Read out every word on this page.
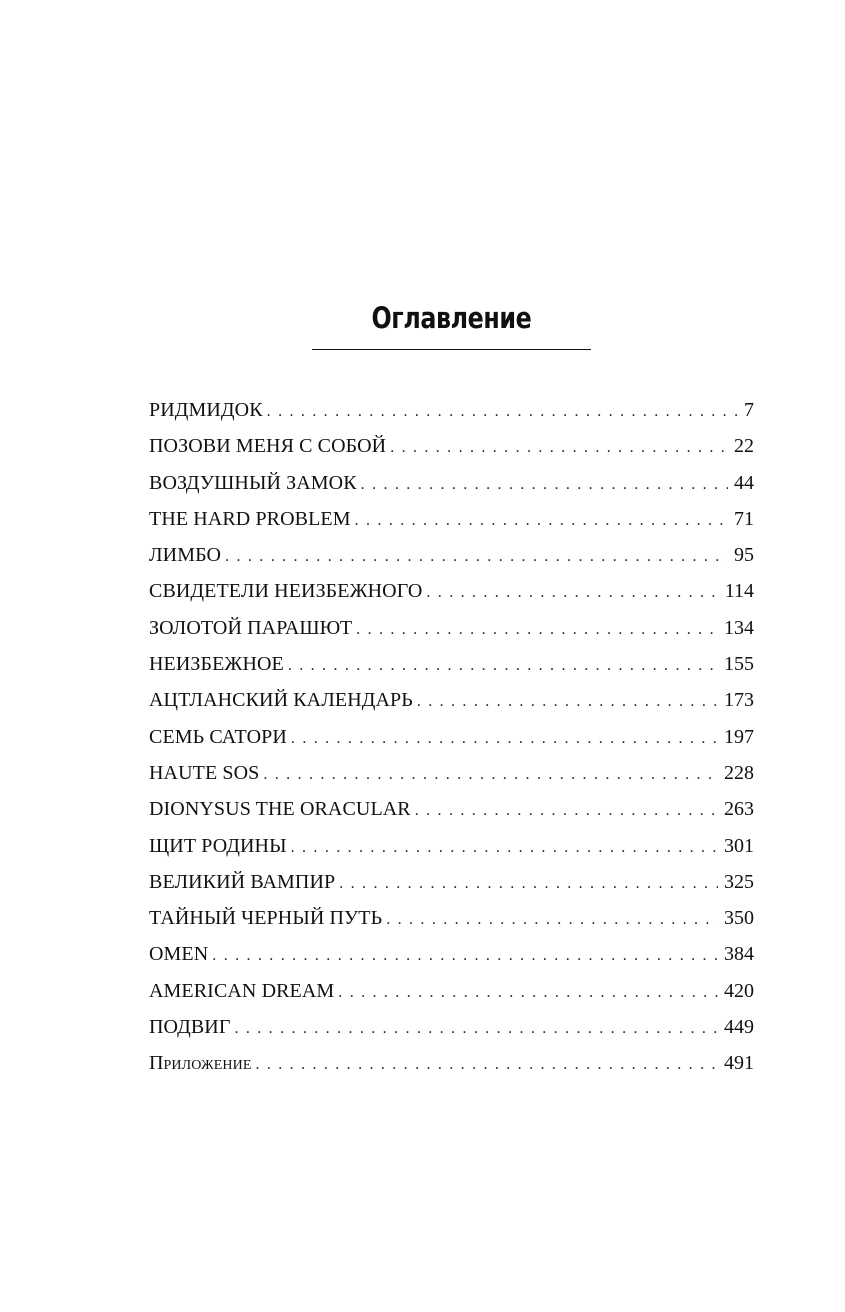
Оглавление
РИДМИДОК . . .	7
ПОЗОВИ МЕНЯ С СОБОЙ . . .	22
ВОЗДУШНЫЙ ЗАМОК . . .	44
THE HARD PROBLEM . . .	71
ЛИМБО . . .	95
СВИДЕТЕЛИ НЕИЗБЕЖНОГО . . .	114
ЗОЛОТОЙ ПАРАШЮТ . . .	134
НЕИЗБЕЖНОЕ . . .	155
АЦТЛАНСКИЙ КАЛЕНДАРЬ . . .	173
СЕМЬ САТОРИ . . .	197
HAUTE SOS . . .	228
DIONYSUS THE ORACULAR . . .	263
ЩИТ РОДИНЫ . . .	301
ВЕЛИКИЙ ВАМПИР . . .	325
ТАЙНЫЙ ЧЕРНЫЙ ПУТЬ . . .	350
OMEN . . .	384
AMERICAN DREAM . . .	420
ПОДВИГ . . .	449
Приложение . . .	491
